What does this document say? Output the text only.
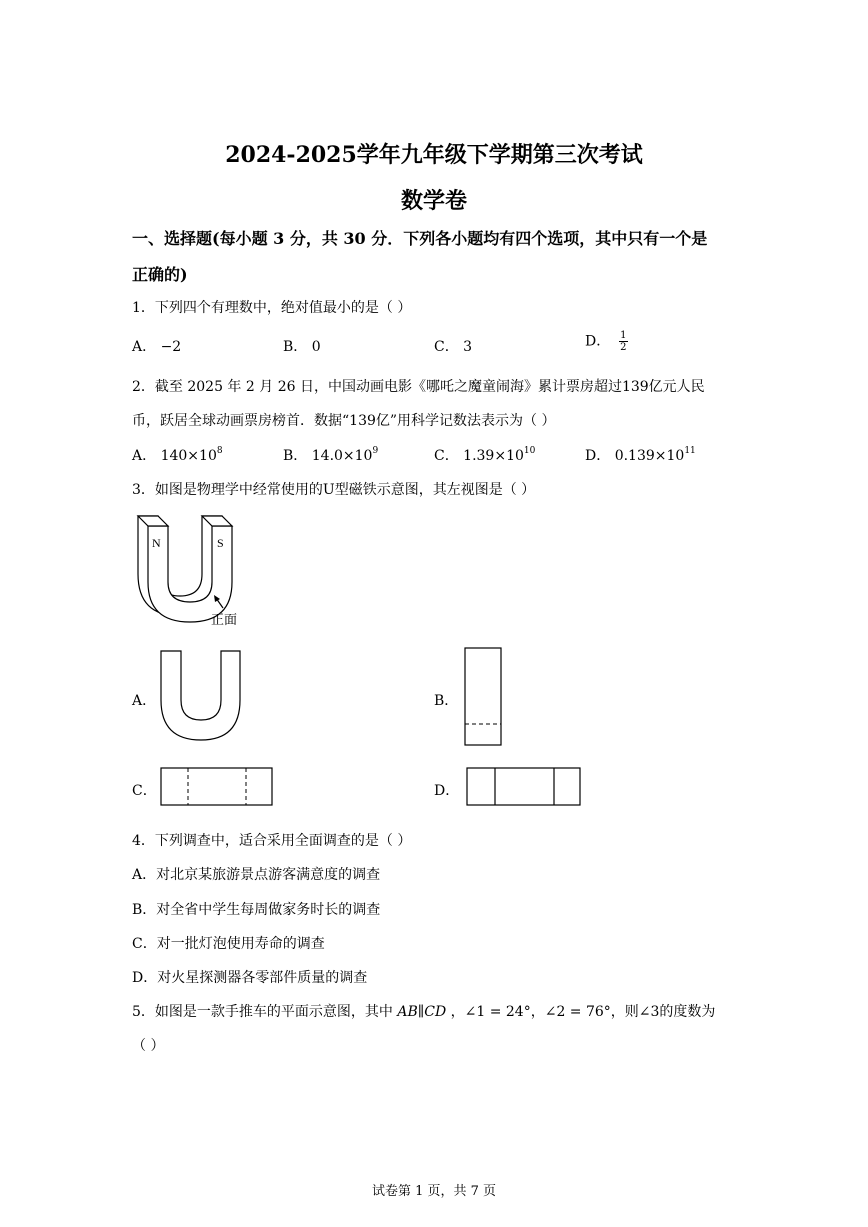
2024-2025学年九年级下学期第三次考试
数学卷
一、选择题(每小题 3 分，共 30 分．下列各小题均有四个选项，其中只有一个是
正确的)
1．下列四个有理数中，绝对值最小的是（ ）
A． −2	B． 0	C． 3	D． $\frac{1}{2}$
2．截至 2025 年 2 月 26 日，中国动画电影《哪吒之魔童闹海》累计票房超过139亿元人民
币，跃居全球动画票房榜首．数据“139亿”用科学记数法表示为（ ）
A． $140\times 10^8$	B． $14.0\times 10^9$	C． $1.39\times 10^{10}$	D． $0.139\times 10^{11}$
3．如图是物理学中经常使用的U型磁铁示意图，其左视图是（ ）
N	S
正面
A．	B．
C．	D．
4．下列调查中，适合采用全面调查的是（ ）
A．对北京某旅游景点游客满意度的调查
B．对全省中学生每周做家务时长的调查
C．对一批灯泡使用寿命的调查
D．对火星探测器各零部件质量的调查
5．如图是一款手推车的平面示意图，其中 AB∥CD ，∠1 = 24°，∠2 = 76°，则∠3的度数为
（ ）
试卷第 1 页，共 7 页
